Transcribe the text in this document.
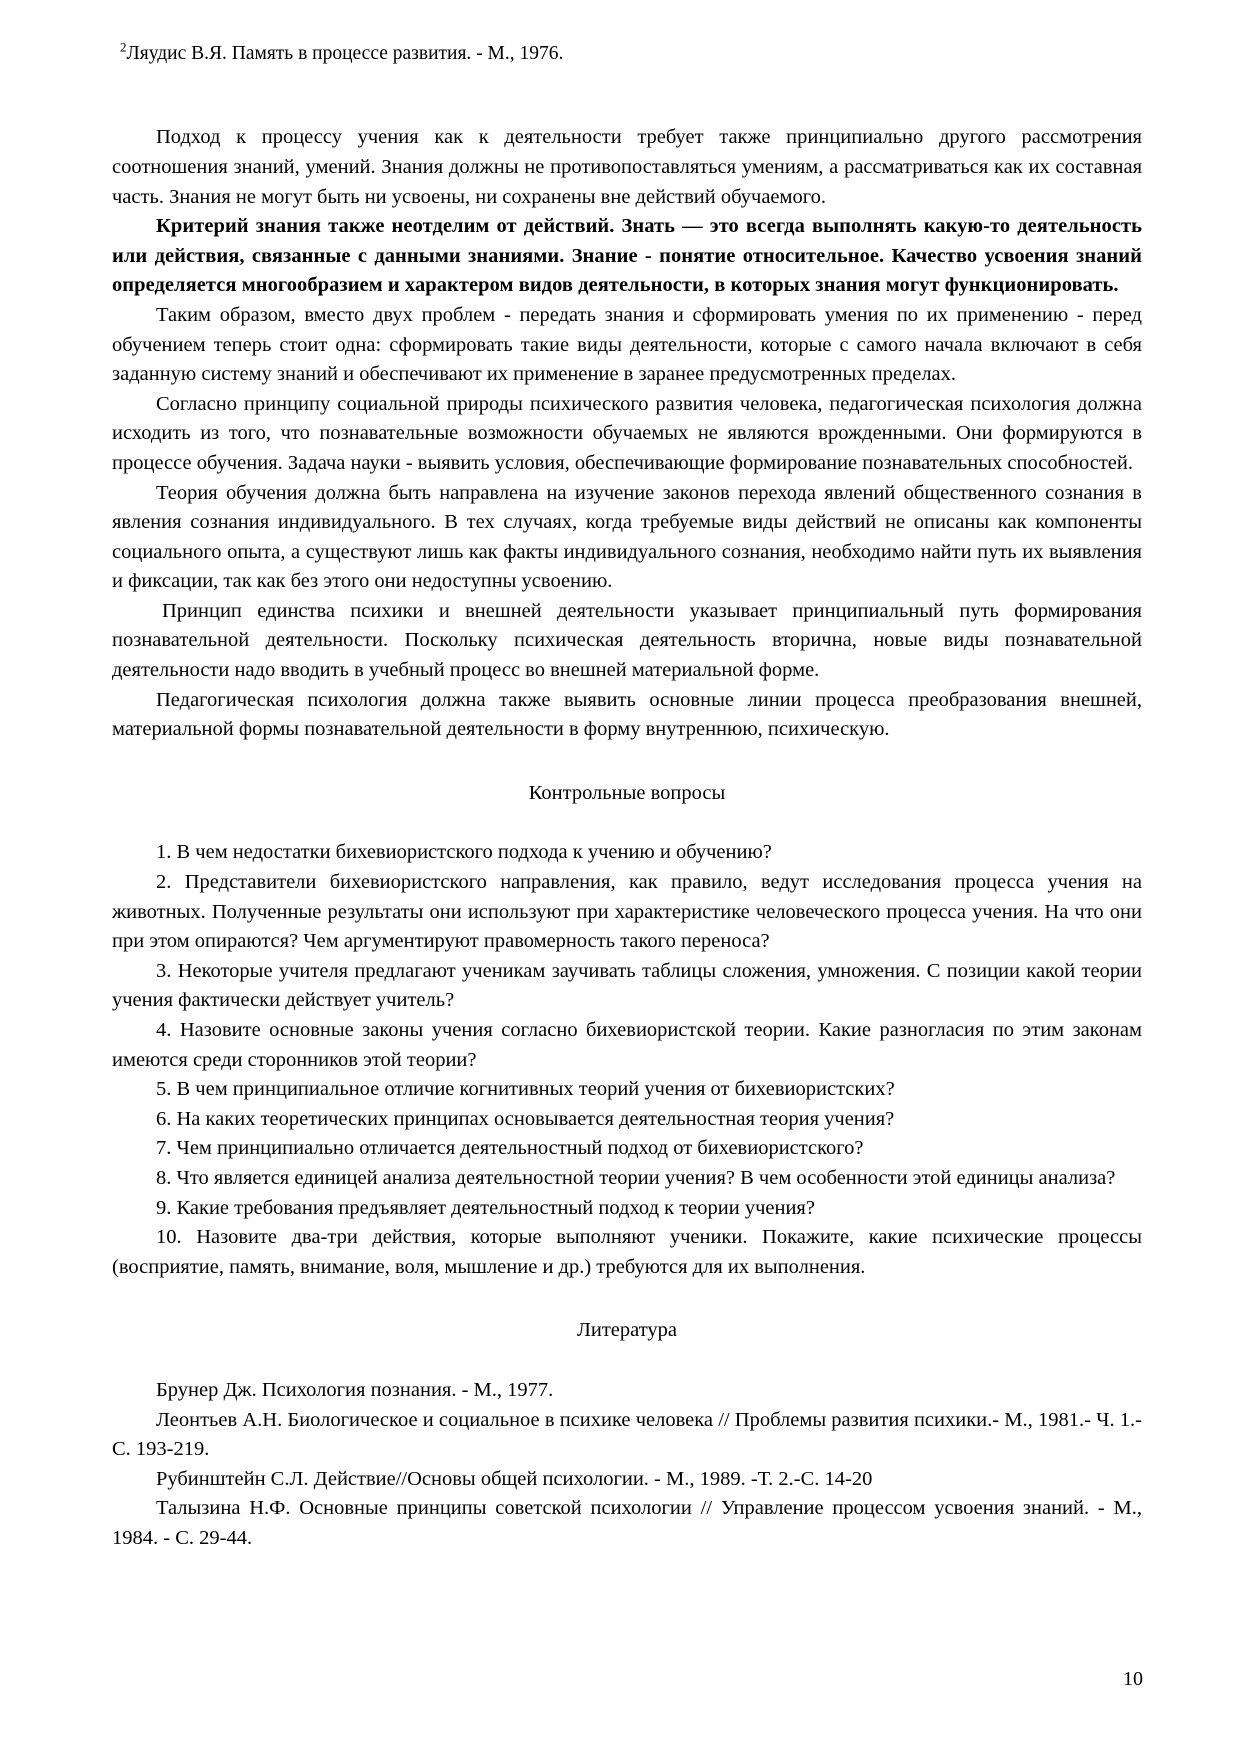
$^2$Ляудис В.Я. Память в процессе развития. - М., 1976.

Подход к процессу учения как к деятельности требует также принципиально другого рассмотрения соотношения знаний, умений. Знания должны не противопоставляться умениям, а рассматриваться как их составная часть. Знания не могут быть ни усвоены, ни сохранены вне действий обучаемого.

Критерий знания также неотделим от действий. Знать — это всегда выполнять какую-то деятельность или действия, связанные с данными знаниями. Знание - понятие относительное. Качество усвоения знаний определяется многообразием и характером видов деятельности, в которых знания могут функционировать.

Таким образом, вместо двух проблем - передать знания и сформировать умения по их применению - перед обучением теперь стоит одна: сформировать такие виды деятельности, которые с самого начала включают в себя заданную систему знаний и обеспечивают их применение в заранее предусмотренных пределах.

Согласно принципу социальной природы психического развития человека, педагогическая психология должна исходить из того, что познавательные возможности обучаемых не являются врожденными. Они формируются в процессе обучения. Задача науки - выявить условия, обеспечивающие формирование познавательных способностей.

Теория обучения должна быть направлена на изучение законов перехода явлений общественного сознания в явления сознания индивидуального. В тех случаях, когда требуемые виды действий не описаны как компоненты социального опыта, а существуют лишь как факты индивидуального сознания, необходимо найти путь их выявления и фиксации, так как без этого они недоступны усвоению.

Принцип единства психики и внешней деятельности указывает принципиальный путь формирования познавательной деятельности. Поскольку психическая деятельность вторична, новые виды познавательной деятельности надо вводить в учебный процесс во внешней материальной форме.

Педагогическая психология должна также выявить основные линии процесса преобразования внешней, материальной формы познавательной деятельности в форму внутреннюю, психическую.

Контрольные вопросы

1. В чем недостатки бихевиористского подхода к учению и обучению?

2. Представители бихевиористского направления, как правило, ведут исследования процесса учения на животных. Полученные результаты они используют при характеристике человеческого процесса учения. На что они при этом опираются? Чем аргументируют правомерность такого переноса?

3. Некоторые учителя предлагают ученикам заучивать таблицы сложения, умножения. С позиции какой теории учения фактически действует учитель?

4. Назовите основные законы учения согласно бихевиористской теории. Какие разногласия по этим законам имеются среди сторонников этой теории?

5. В чем принципиальное отличие когнитивных теорий учения от бихевиористских?

6. На каких теоретических принципах основывается деятельностная теория учения?

7. Чем принципиально отличается деятельностный подход от бихевиористского?

8. Что является единицей анализа деятельностной теории учения? В чем особенности этой единицы анализа?

9. Какие требования предъявляет деятельностный подход к теории учения?

10. Назовите два-три действия, которые выполняют ученики. Покажите, какие психические процессы (восприятие, память, внимание, воля, мышление и др.) требуются для их выполнения.

Литература

Брунер Дж. Психология познания. - М., 1977.

Леонтьев А.Н. Биологическое и социальное в психике человека // Проблемы развития психики.- М., 1981.- Ч. 1.-С. 193-219.

Рубинштейн С.Л. Действие//Основы общей психологии. - М., 1989. -Т. 2.-С. 14-20

Талызина Н.Ф. Основные принципы советской психологии // Управление процессом усвоения знаний. - М., 1984. - С. 29-44.

10
